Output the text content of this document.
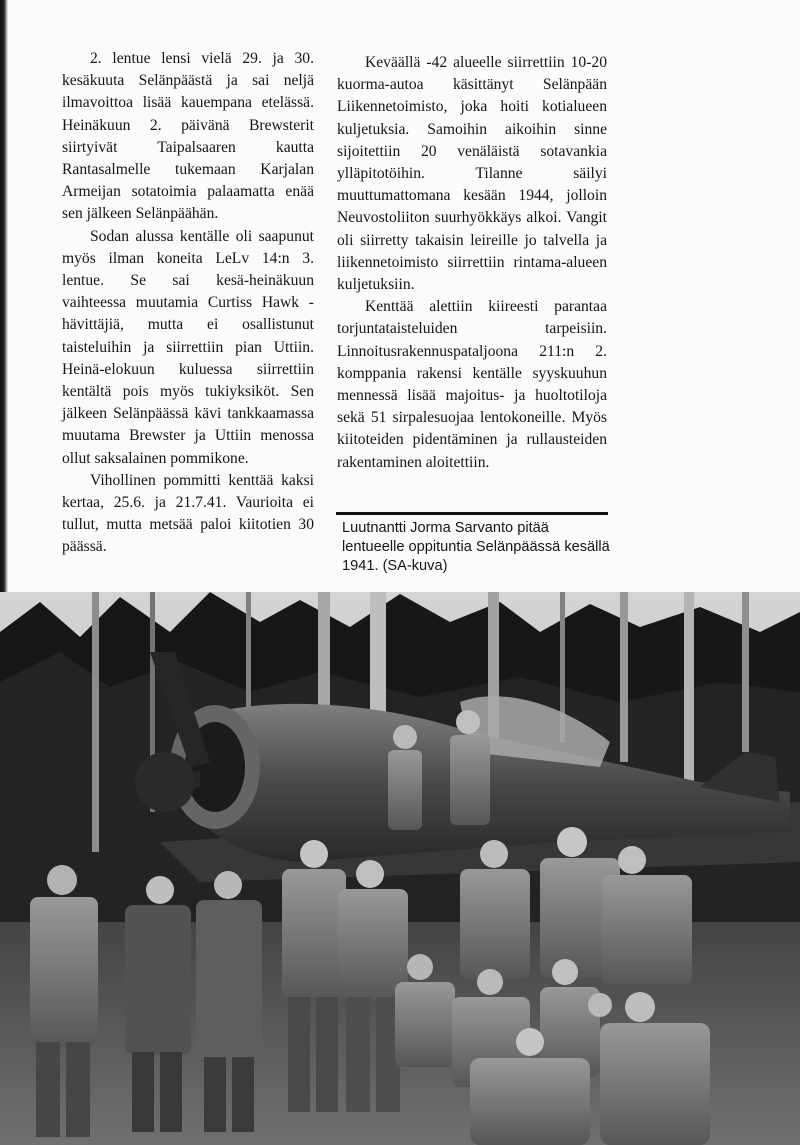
2. lentue lensi vielä 29. ja 30. kesäkuuta Selänpäästä ja sai neljä ilmavoittoa lisää kauempana etelässä. Heinäkuun 2. päivänä Brewsterit siirtyivät Taipalsaaren kautta Rantasalmelle tukemaan Karjalan Armeijan sotatoimia palaamatta enää sen jälkeen Selänpäähän.

Sodan alussa kentälle oli saapunut myös ilman koneita LeLv 14:n 3. lentue. Se sai kesä-heinäkuun vaihteessa muutamia Curtiss Hawk -hävittäjiä, mutta ei osallistunut taisteluihin ja siirrettiin pian Uttiin. Heinä-elokuun kuluessa siirrettiin kentältä pois myös tukiyksiköt. Sen jälkeen Selänpäässä kävi tankkaamassa muutama Brewster ja Uttiin menossa ollut saksalainen pommikone.

Vihollinen pommitti kenttää kaksi kertaa, 25.6. ja 21.7.41. Vaurioita ei tullut, mutta metsää paloi kiitotien 30 päässä.

Keväällä -42 alueelle siirrettiin 10-20 kuorma-autoa käsittänyt Selänpään Liikennetoimisto, joka hoiti kotialueen kuljetuksia. Samoihin aikoihin sinne sijoitettiin 20 venäläistä sotavankia ylläpitotöihin. Tilanne säilyi muuttumattomana kesään 1944, jolloin Neuvostoliiton suurhyökkäys alkoi. Vangit oli siirretty takaisin leireille jo talvella ja liikennetoimisto siirrettiin rintama-alueen kuljetuksiin.

Kenttää alettiin kiireesti parantaa torjuntataisteluiden tarpeisiin. Linnoitusrakennuspataljoona 211:n 2. komppania rakensi kentälle syyskuuhun mennessä lisää majoitus- ja huoltotiloja sekä 51 sirpalesuojaa lentokoneille. Myös kiitoteiden pidentäminen ja rullausteiden rakentaminen aloitettiin.

Luutnantti Jorma Sarvanto pitää lentueelle oppituntia Selänpäässä kesällä 1941. (SA-kuva)
